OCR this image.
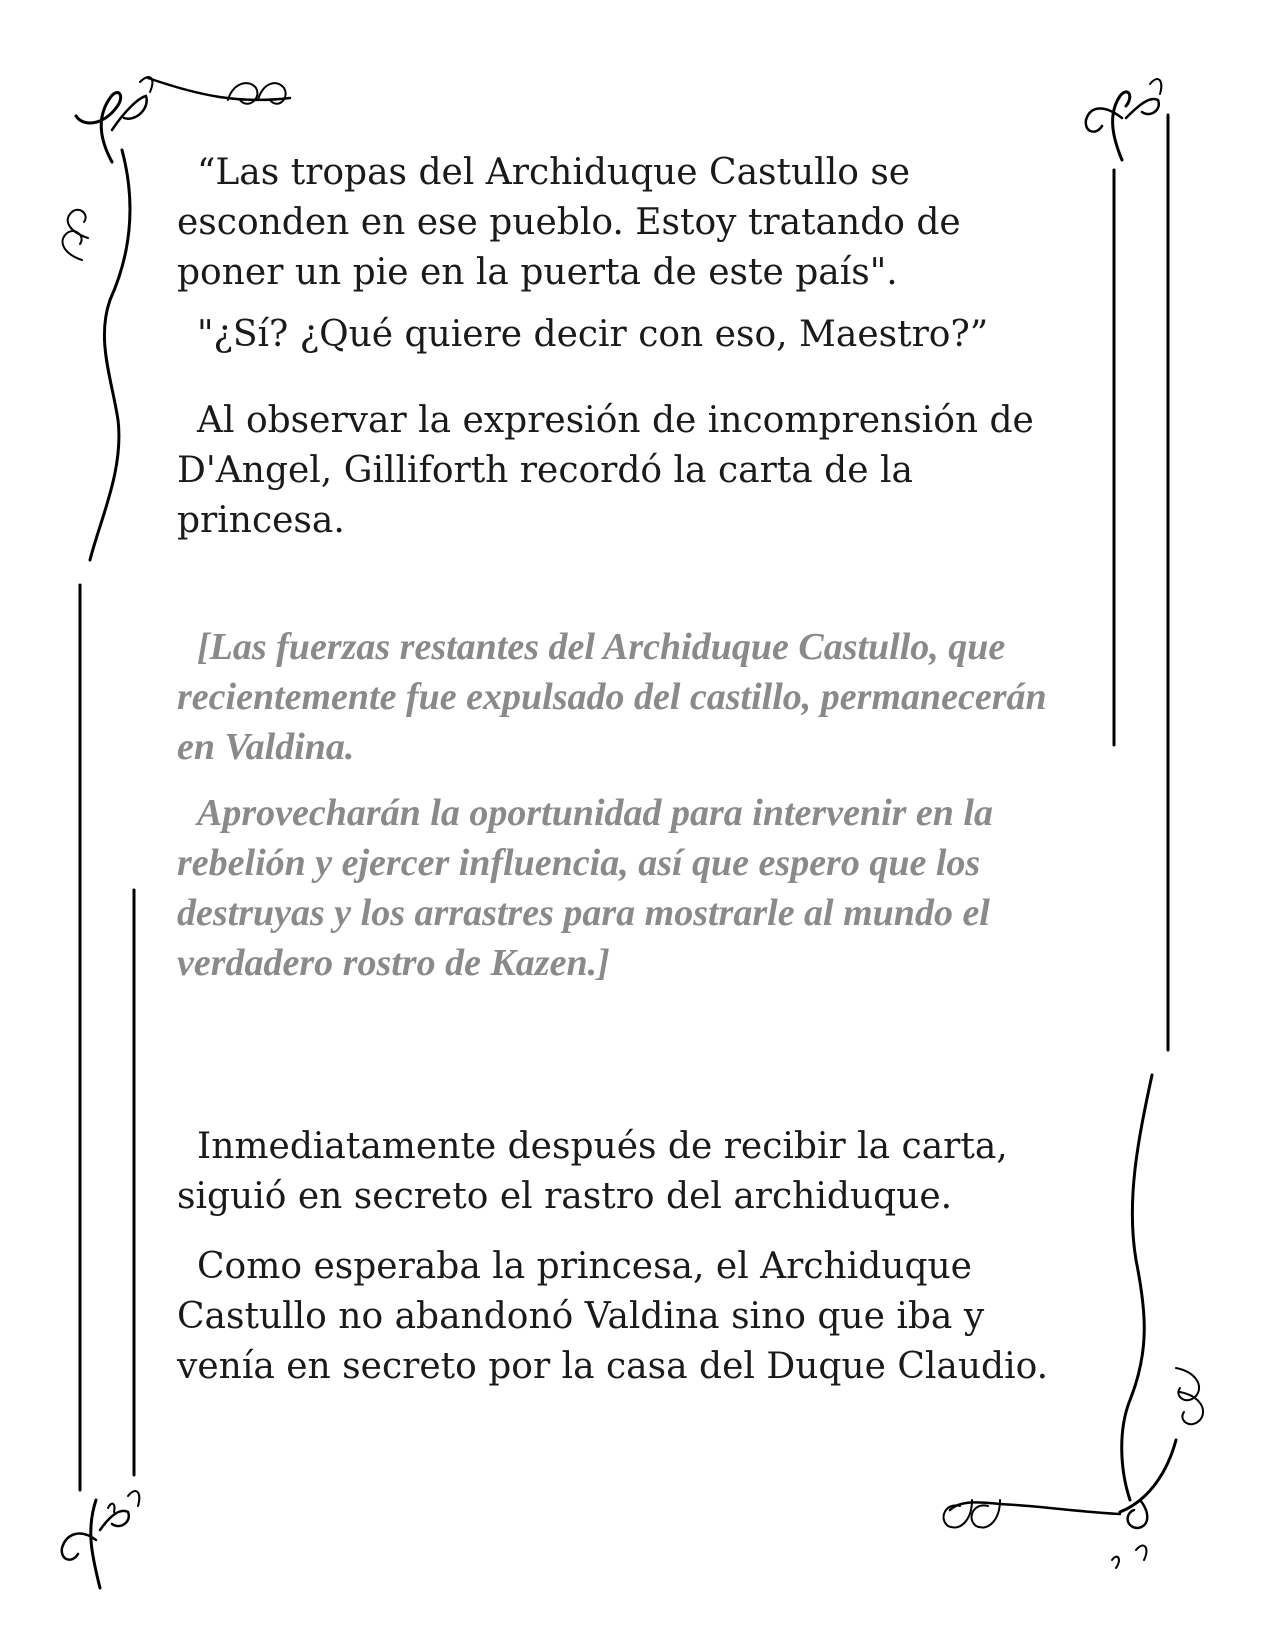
“Las tropas del Archiduque Castullo se esconden en ese pueblo. Estoy tratando de poner un pie en la puerta de este país".

"¿Sí? ¿Qué quiere decir con eso, Maestro?”

Al observar la expresión de incomprensión de D'Angel, Gilliforth recordó la carta de la princesa.

[Las fuerzas restantes del Archiduque Castullo, que recientemente fue expulsado del castillo, permanecerán en Valdina.

Aprovecharán la oportunidad para intervenir en la rebelión y ejercer influencia, así que espero que los destruyas y los arrastres para mostrarle al mundo el verdadero rostro de Kazen.]

Inmediatamente después de recibir la carta, siguió en secreto el rastro del archiduque.

Como esperaba la princesa, el Archiduque Castullo no abandonó Valdina sino que iba y venía en secreto por la casa del Duque Claudio.
